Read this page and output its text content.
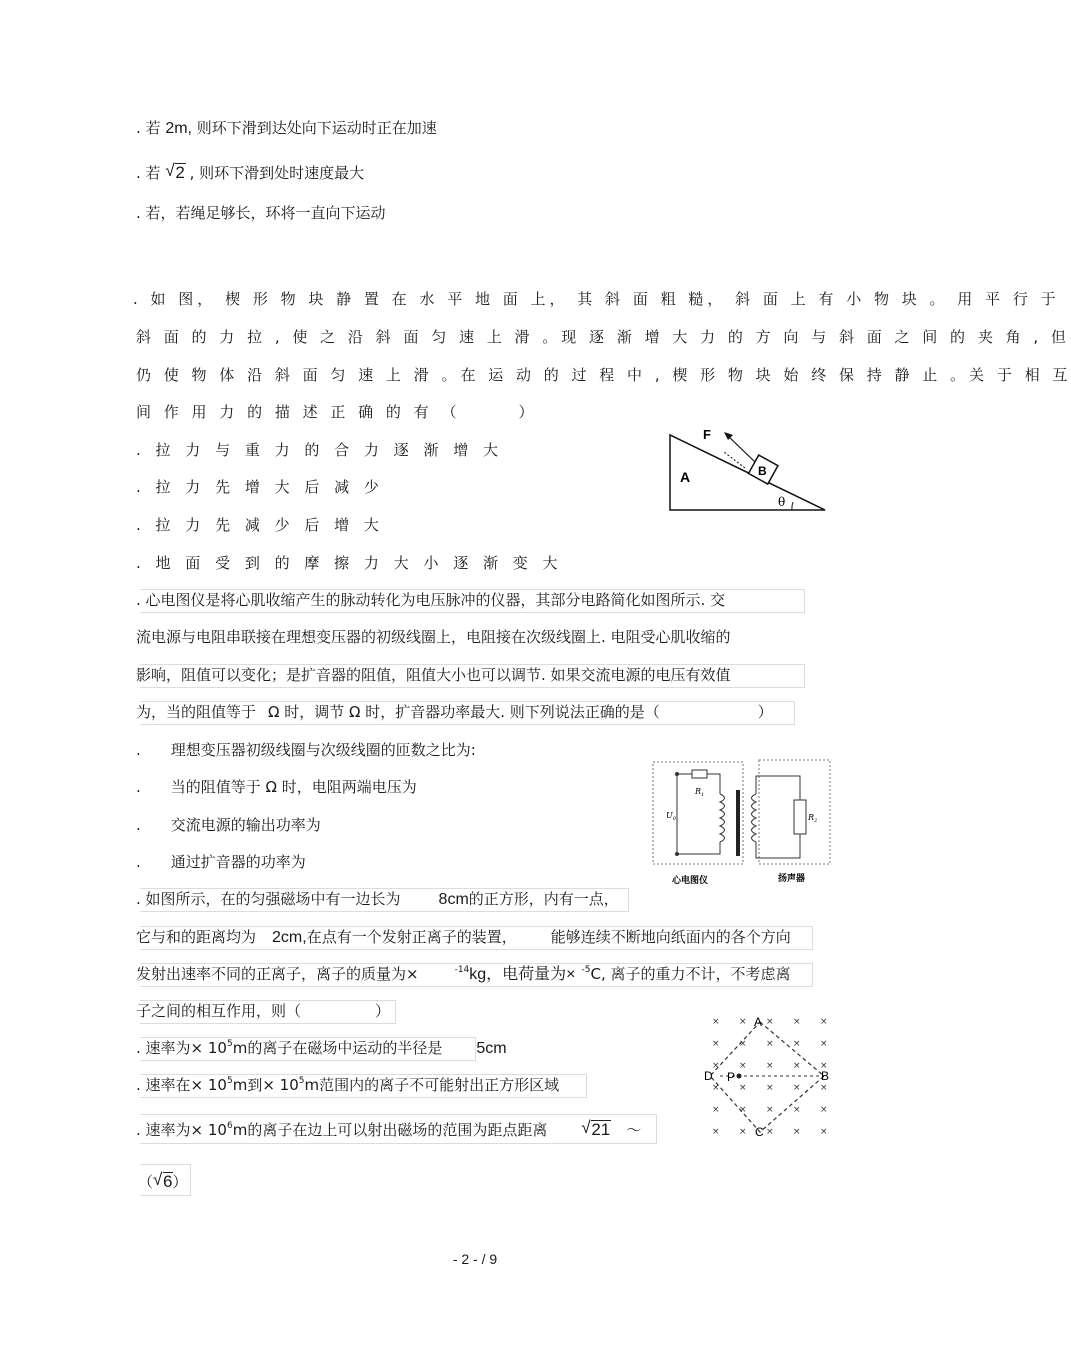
. 若 2m, 则环下滑到达处向下运动时正在加速
. 若 √ 2 , 则环下滑到处时速度最大
. 若，若绳足够长，环将一直向下运动
. 如 图， 楔 形 物 块 静 置 在 水 平 地 面 上， 其 斜 面 粗 糙， 斜 面 上 有 小 物 块 。 用 平 行 于
斜 面 的 力 拉 , 使 之 沿 斜 面 匀 速 上 滑 。现 逐 渐 增 大 力 的 方 向 与 斜 面 之 间 的 夹 角 , 但
仍 使 物 体 沿 斜 面 匀 速 上 滑 。在 运 动 的 过 程 中 , 楔 形 物 块 始 终 保 持 静 止 。关 于 相 互
间 作 用 力 的 描 述 正 确 的 有 （	）
. 拉 力 与 重 力 的 合 力 逐 渐 增 大
. 拉 力 先 增 大 后 减 少
. 拉 力 先 减 少 后 增 大
. 地 面 受 到 的 摩 擦 力 大 小 逐 渐 变 大
F
A	B
θ
. 心电图仪是将心肌收缩产生的脉动转化为电压脉冲的仪器，其部分电路简化如图所示. 交
流电源与电阻串联接在理想变压器的初级线圈上，电阻接在次级线圈上. 电阻受心肌收缩的
影响，阻值可以变化；是扩音器的阻值，阻值大小也可以调节. 如果交流电源的电压有效值
为，当的阻值等于 Ω 时，调节 Ω 时，扩音器功率最大. 则下列说法正确的是（	）
. 理想变压器初级线圈与次级线圈的匝数之比为:
. 当的阻值等于 Ω 时，电阻两端电压为
. 交流电源的输出功率为
. 通过扩音器的功率为
$R_1$
$U_0$	$R_2$
心电图仪	扬声器
. 如图所示，在的匀强磁场中有一边长为 8cm的正方形，内有一点，
它与和的距离均为 2cm,在点有一个发射正离子的装置， 能够连续不断地向纸面内的各个方向
发射出速率不同的正离子，离子的质量为×	$^{-14}$kg，电荷量为× $^{-5}$C, 离子的重力不计，不考虑离
子之间的相互作用，则（	）
. 速率为× $10^5m$的离子在磁场中运动的半径是 5cm
. 速率在× $10^5m$到× $10^5m$范围内的离子不可能射出正方形区域
. 速率为× $10^6m$的离子在边上可以射出磁场的范围为距点距离 √ 21 ～
（ √ 6）
× × × × ×
× × × × ×
× × × × ×
× × × × ×
× × × × ×
× × × × ×
A
B
C
D P
- 2 - / 9
